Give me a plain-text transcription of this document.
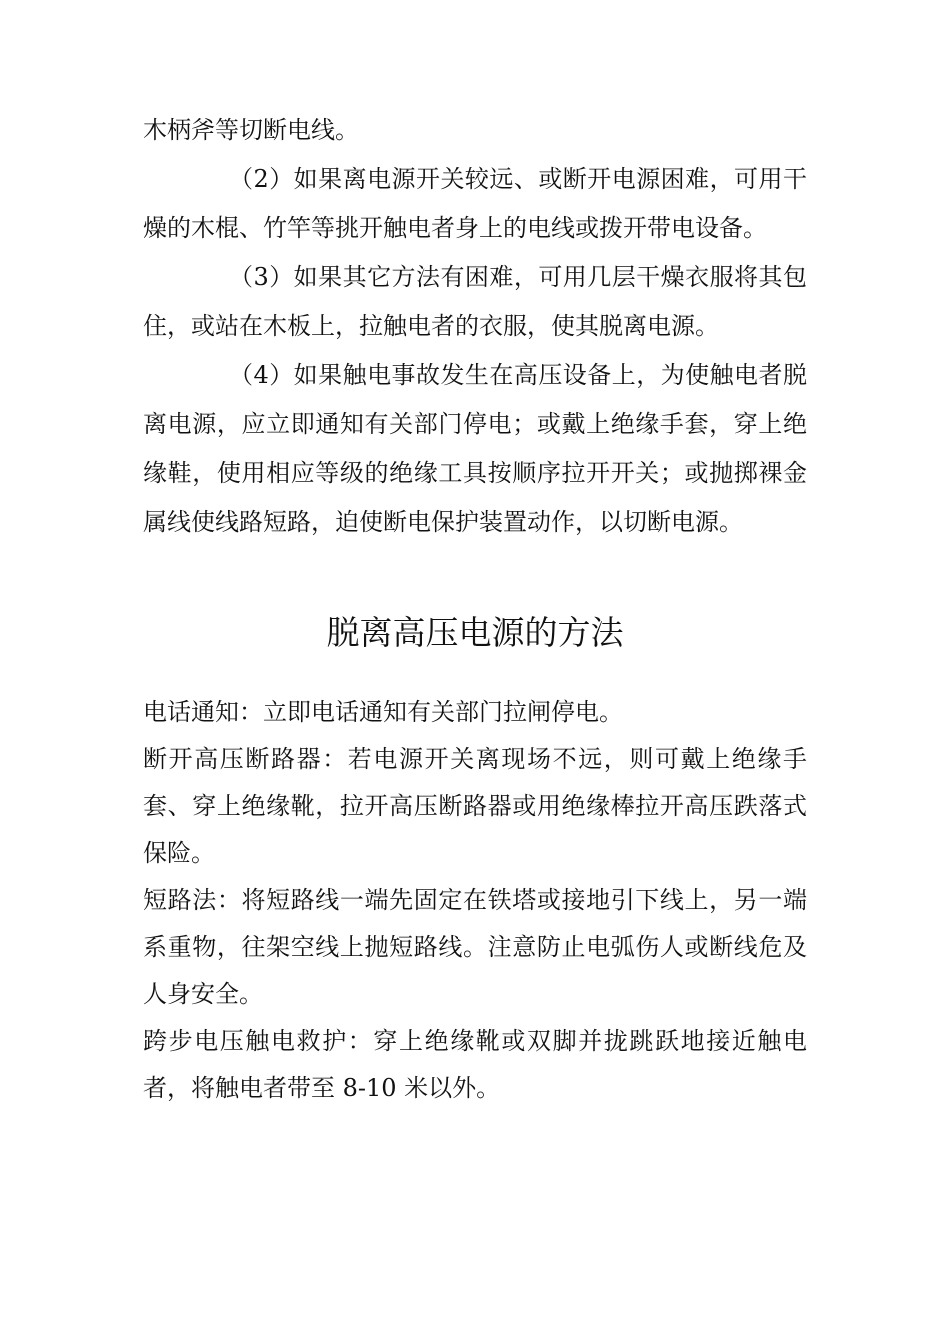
木柄斧等切断电线。

（2）如果离电源开关较远、或断开电源困难，可用干燥的木棍、竹竿等挑开触电者身上的电线或拨开带电设备。

（3）如果其它方法有困难，可用几层干燥衣服将其包住，或站在木板上，拉触电者的衣服，使其脱离电源。

（4）如果触电事故发生在高压设备上，为使触电者脱离电源，应立即通知有关部门停电；或戴上绝缘手套，穿上绝缘鞋，使用相应等级的绝缘工具按顺序拉开开关；或抛掷裸金属线使线路短路，迫使断电保护装置动作，以切断电源。

脱离高压电源的方法

电话通知：立即电话通知有关部门拉闸停电。

断开高压断路器：若电源开关离现场不远，则可戴上绝缘手套、穿上绝缘靴，拉开高压断路器或用绝缘棒拉开高压跌落式保险。

短路法：将短路线一端先固定在铁塔或接地引下线上，另一端系重物，往架空线上抛短路线。注意防止电弧伤人或断线危及人身安全。

跨步电压触电救护：穿上绝缘靴或双脚并拢跳跃地接近触电者，将触电者带至 8-10 米以外。
